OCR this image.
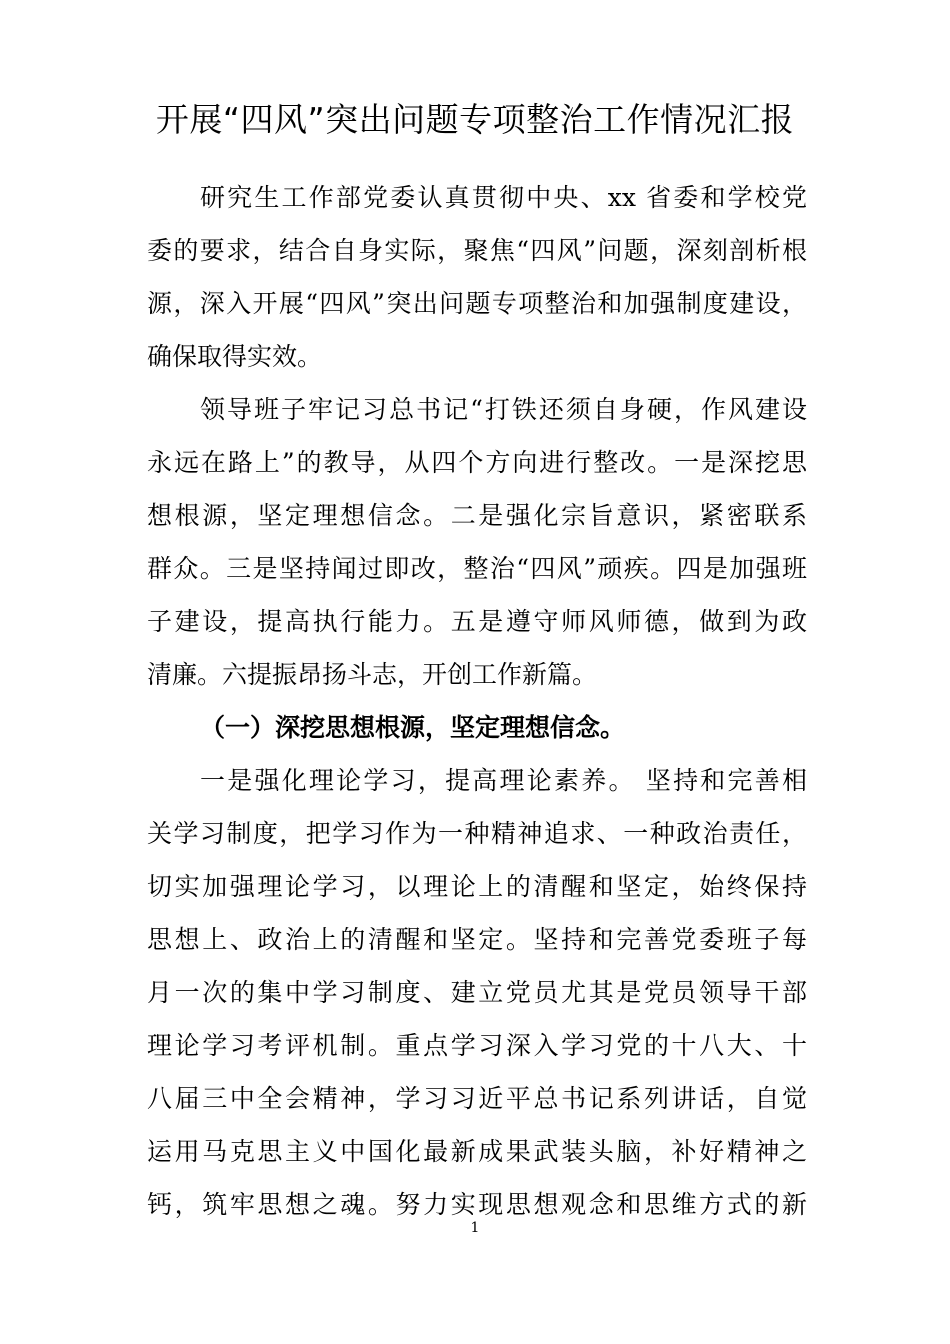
开展“四风”突出问题专项整治工作情况汇报
研究生工作部党委认真贯彻中央、xx 省委和学校党
委的要求，结合自身实际，聚焦“四风”问题，深刻剖析根
源，深入开展“四风”突出问题专项整治和加强制度建设，
确保取得实效。
领导班子牢记习总书记“打铁还须自身硬，作风建设
永远在路上”的教导，从四个方向进行整改。一是深挖思
想根源，坚定理想信念。二是强化宗旨意识，紧密联系
群众。三是坚持闻过即改，整治“四风”顽疾。四是加强班
子建设，提高执行能力。五是遵守师风师德，做到为政
清廉。六提振昂扬斗志，开创工作新篇。
（一）深挖思想根源，坚定理想信念。
一是强化理论学习，提高理论素养。 坚持和完善相
关学习制度，把学习作为一种精神追求、一种政治责任，
切实加强理论学习，以理论上的清醒和坚定，始终保持
思想上、政治上的清醒和坚定。坚持和完善党委班子每
月一次的集中学习制度、建立党员尤其是党员领导干部
理论学习考评机制。重点学习深入学习党的十八大、十
八届三中全会精神，学习习近平总书记系列讲话，自觉
运用马克思主义中国化最新成果武装头脑，补好精神之
钙，筑牢思想之魂。努力实现思想观念和思维方式的新
1
